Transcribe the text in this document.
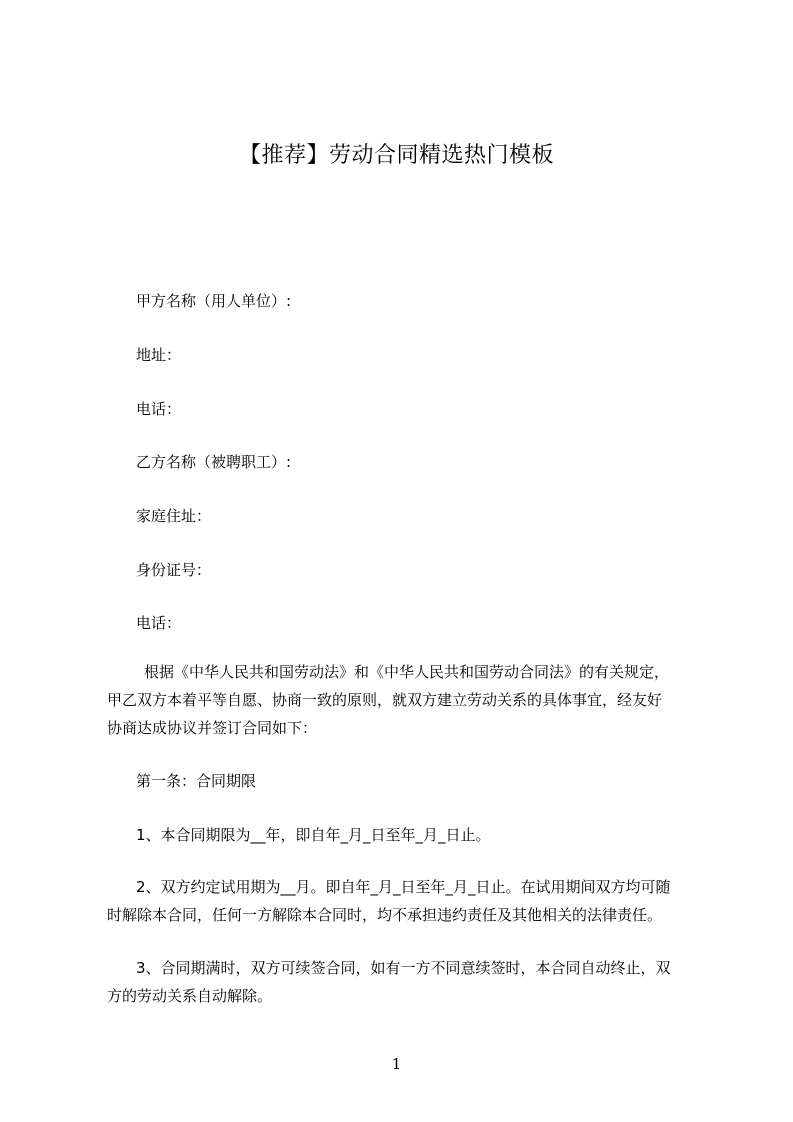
【推荐】劳动合同精选热门模板
甲方名称（用人单位）:
地址：
电话：
乙方名称（被聘职工）:
家庭住址：
身份证号：
电话：
根据《中华人民共和国劳动法》和《中华人民共和国劳动合同法》的有关规定，
甲乙双方本着平等自愿、协商一致的原则，就双方建立劳动关系的具体事宜，经友好
协商达成协议并签订合同如下：
第一条：合同期限
1、本合同期限为__年，即自年_月_日至年_月_日止。
2、双方约定试用期为__月。即自年_月_日至年_月_日止。在试用期间双方均可随
时解除本合同，任何一方解除本合同时，均不承担违约责任及其他相关的法律责任。
3、合同期满时，双方可续签合同，如有一方不同意续签时，本合同自动终止，双
方的劳动关系自动解除。
1
